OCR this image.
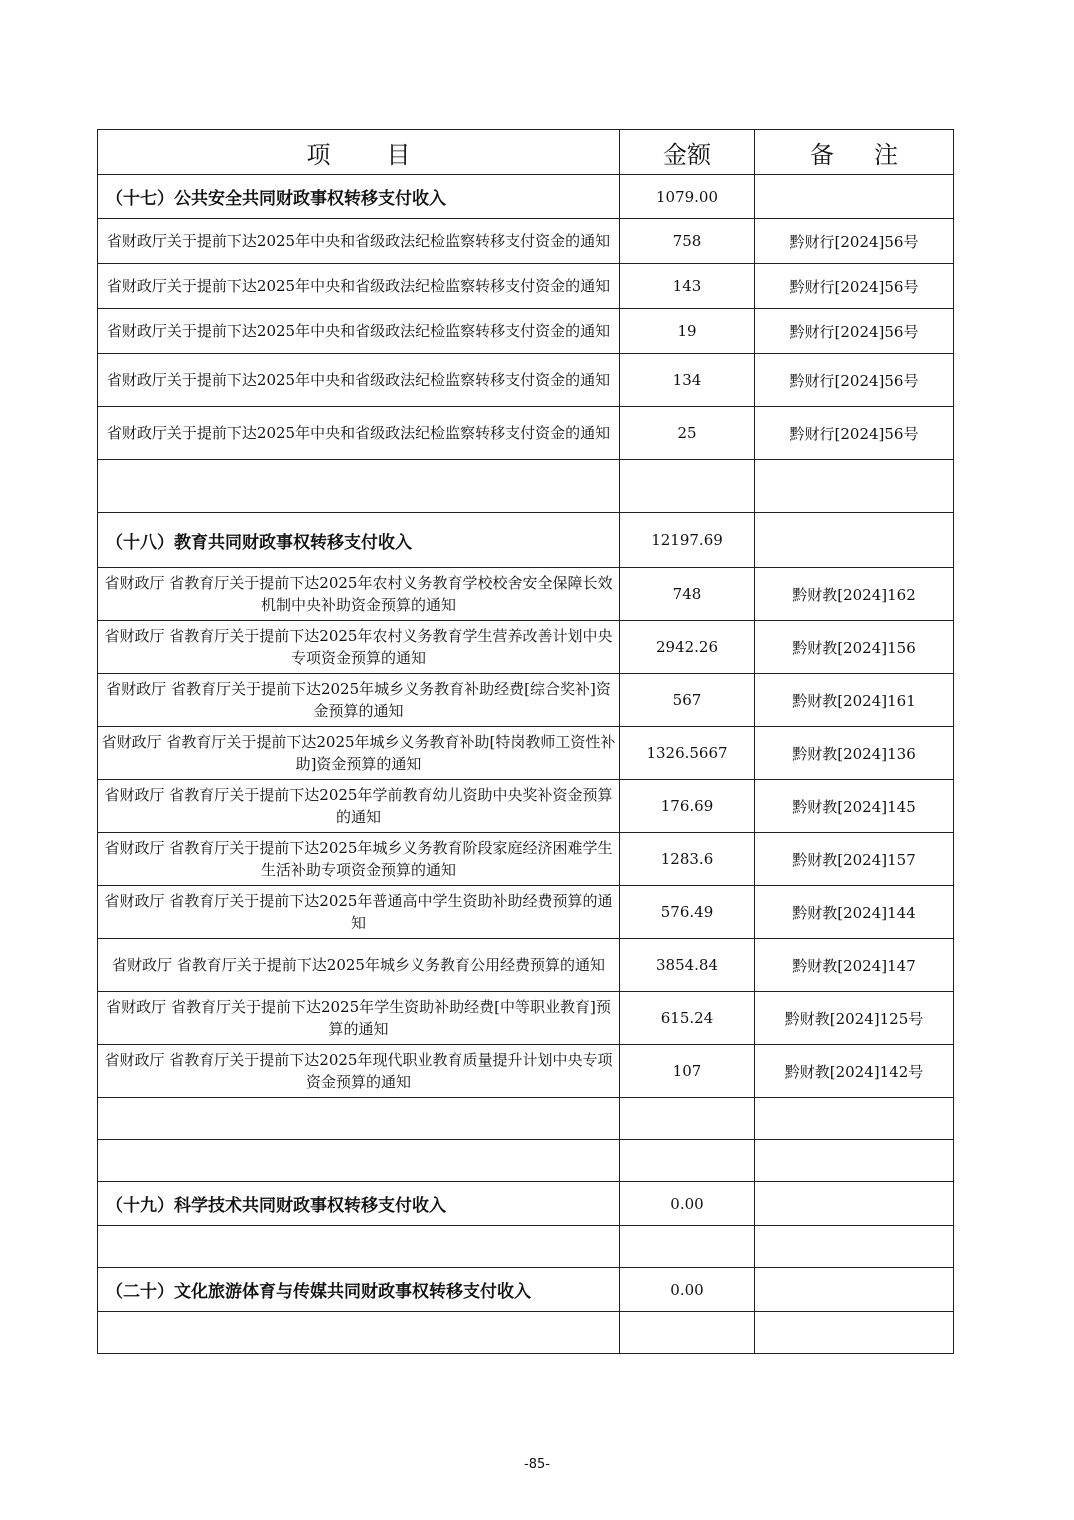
项目	金额	备注
（十七）公共安全共同财政事权转移支付收入	1079.00	
省财政厅关于提前下达2025年中央和省级政法纪检监察转移支付资金的通知	758	黔财行[2024]56号
省财政厅关于提前下达2025年中央和省级政法纪检监察转移支付资金的通知	143	黔财行[2024]56号
省财政厅关于提前下达2025年中央和省级政法纪检监察转移支付资金的通知	19	黔财行[2024]56号
省财政厅关于提前下达2025年中央和省级政法纪检监察转移支付资金的通知	134	黔财行[2024]56号
省财政厅关于提前下达2025年中央和省级政法纪检监察转移支付资金的通知	25	黔财行[2024]56号

（十八）教育共同财政事权转移支付收入	12197.69	
省财政厅 省教育厅关于提前下达2025年农村义务教育学校校舍安全保障长效机制中央补助资金预算的通知	748	黔财教[2024]162
省财政厅 省教育厅关于提前下达2025年农村义务教育学生营养改善计划中央专项资金预算的通知	2942.26	黔财教[2024]156
省财政厅 省教育厅关于提前下达2025年城乡义务教育补助经费[综合奖补]资金预算的通知	567	黔财教[2024]161
省财政厅 省教育厅关于提前下达2025年城乡义务教育补助[特岗教师工资性补助]资金预算的通知	1326.5667	黔财教[2024]136
省财政厅 省教育厅关于提前下达2025年学前教育幼儿资助中央奖补资金预算的通知	176.69	黔财教[2024]145
省财政厅 省教育厅关于提前下达2025年城乡义务教育阶段家庭经济困难学生生活补助专项资金预算的通知	1283.6	黔财教[2024]157
省财政厅 省教育厅关于提前下达2025年普通高中学生资助补助经费预算的通知	576.49	黔财教[2024]144
省财政厅 省教育厅关于提前下达2025年城乡义务教育公用经费预算的通知	3854.84	黔财教[2024]147
省财政厅 省教育厅关于提前下达2025年学生资助补助经费[中等职业教育]预算的通知	615.24	黔财教[2024]125号
省财政厅 省教育厅关于提前下达2025年现代职业教育质量提升计划中央专项资金预算的通知	107	黔财教[2024]142号

（十九）科学技术共同财政事权转移支付收入	0.00	

（二十）文化旅游体育与传媒共同财政事权转移支付收入	0.00	

-85-
